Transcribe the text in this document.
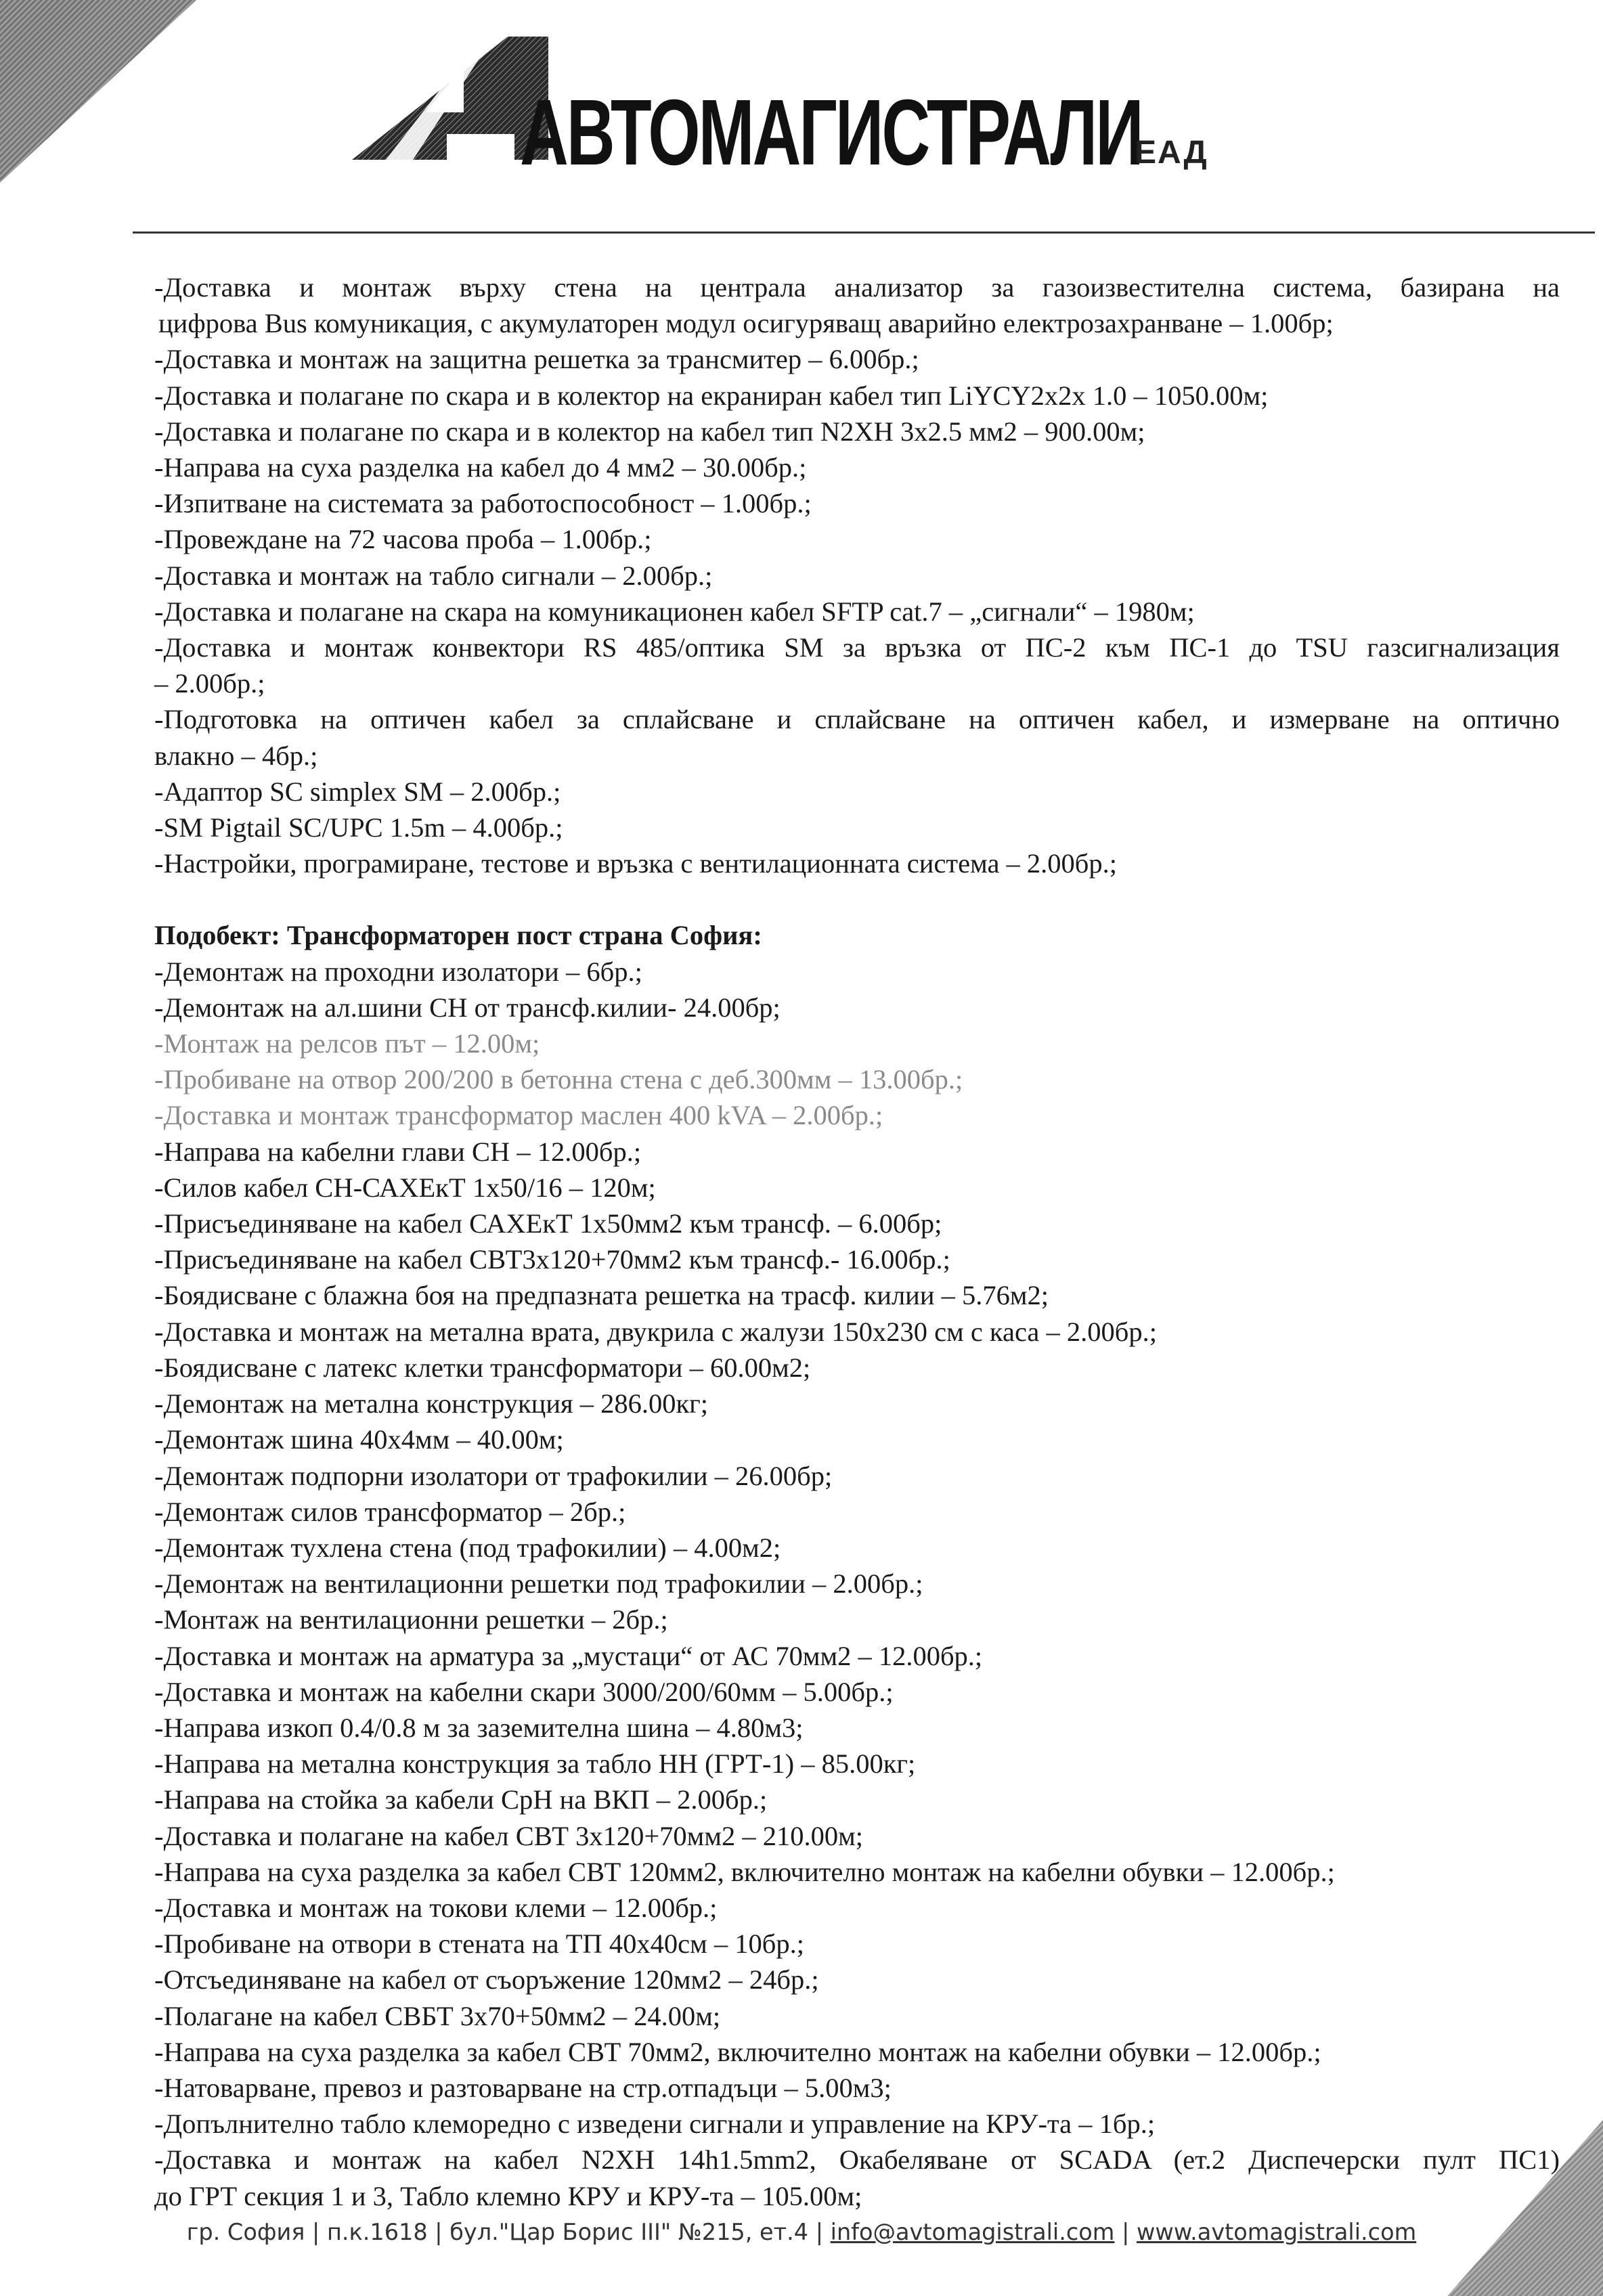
АВТОМАГИСТРАЛИ
ЕАД
-Доставка и монтаж върху стена на централа анализатор за газоизвестителна система, базирана на
цифрова Bus комуникация, с акумулаторен модул осигуряващ аварийно електрозахранване – 1.00бр;
-Доставка и монтаж на защитна решетка за трансмитер – 6.00бр.;
-Доставка и полагане по скара и в колектор на екраниран кабел тип LiYCY2x2x 1.0 – 1050.00м;
-Доставка и полагане по скара и в колектор на кабел тип N2XH 3x2.5 мм2 – 900.00м;
-Направа на суха разделка на кабел до 4 мм2 – 30.00бр.;
-Изпитване на системата за работоспособност – 1.00бр.;
-Провеждане на 72 часова проба – 1.00бр.;
-Доставка и монтаж на табло сигнали – 2.00бр.;
-Доставка и полагане на скара на комуникационен кабел SFTP cat.7 – „сигнали“ – 1980м;
-Доставка и монтаж конвектори RS 485/оптика SM за връзка от ПС-2 към ПС-1 до TSU газсигнализация
– 2.00бр.;
-Подготовка на оптичен кабел за сплайсване и сплайсване на оптичен кабел, и измерване на оптично
влакно – 4бр.;
-Адаптор SC simplex SM – 2.00бр.;
-SM Pigtail SC/UPC 1.5m – 4.00бр.;
-Настройки, програмиране, тестове и връзка с вентилационната система – 2.00бр.;
Подобект: Трансформаторен пост страна София:
-Демонтаж на проходни изолатори – 6бр.;
-Демонтаж на ал.шини СН от трансф.килии- 24.00бр;
-Монтаж на релсов път – 12.00м;
-Пробиване на отвор 200/200 в бетонна стена с деб.300мм – 13.00бр.;
-Доставка и монтаж трансформатор маслен 400 kVA – 2.00бр.;
-Направа на кабелни глави СН – 12.00бр.;
-Силов кабел СН-САХЕкТ 1x50/16 – 120м;
-Присъединяване на кабел САХЕкТ 1x50мм2 към трансф. – 6.00бр;
-Присъединяване на кабел СВТ3x120+70мм2 към трансф.- 16.00бр.;
-Боядисване с блажна боя на предпазната решетка на трасф. килии – 5.76м2;
-Доставка и монтаж на метална врата, двукрила с жалузи 150x230 см с каса – 2.00бр.;
-Боядисване с латекс клетки трансформатори – 60.00м2;
-Демонтаж на метална конструкция – 286.00кг;
-Демонтаж шина 40x4мм – 40.00м;
-Демонтаж подпорни изолатори от трафокилии – 26.00бр;
-Демонтаж силов трансформатор – 2бр.;
-Демонтаж тухлена стена (под трафокилии) – 4.00м2;
-Демонтаж на вентилационни решетки под трафокилии – 2.00бр.;
-Монтаж на вентилационни решетки – 2бр.;
-Доставка и монтаж на арматура за „мустаци“ от АС 70мм2 – 12.00бр.;
-Доставка и монтаж на кабелни скари 3000/200/60мм – 5.00бр.;
-Направа изкоп 0.4/0.8 м за заземителна шина – 4.80м3;
-Направа на метална конструкция за табло НН (ГРТ-1) – 85.00кг;
-Направа на стойка за кабели СрН на ВКП – 2.00бр.;
-Доставка и полагане на кабел СВТ 3x120+70мм2 – 210.00м;
-Направа на суха разделка за кабел СВТ 120мм2, включително монтаж на кабелни обувки – 12.00бр.;
-Доставка и монтаж на токови клеми – 12.00бр.;
-Пробиване на отвори в стената на ТП 40x40см – 10бр.;
-Отсъединяване на кабел от съоръжение 120мм2 – 24бр.;
-Полагане на кабел СВБТ 3x70+50мм2 – 24.00м;
-Направа на суха разделка за кабел СВТ 70мм2, включително монтаж на кабелни обувки – 12.00бр.;
-Натоварване, превоз и разтоварване на стр.отпадъци – 5.00м3;
-Допълнително табло клеморедно с изведени сигнали и управление на КРУ-та – 1бр.;
-Доставка и монтаж на кабел N2XH 14h1.5mm2, Окабеляване от SCADA (ет.2 Диспечерски пулт ПС1)
до ГРТ секция 1 и 3, Табло клемно КРУ и КРУ-та – 105.00м;
гр. София | п.к.1618 | бул."Цар Борис III" №215, ет.4 | info@avtomagistrali.com | www.avtomagistrali.com
